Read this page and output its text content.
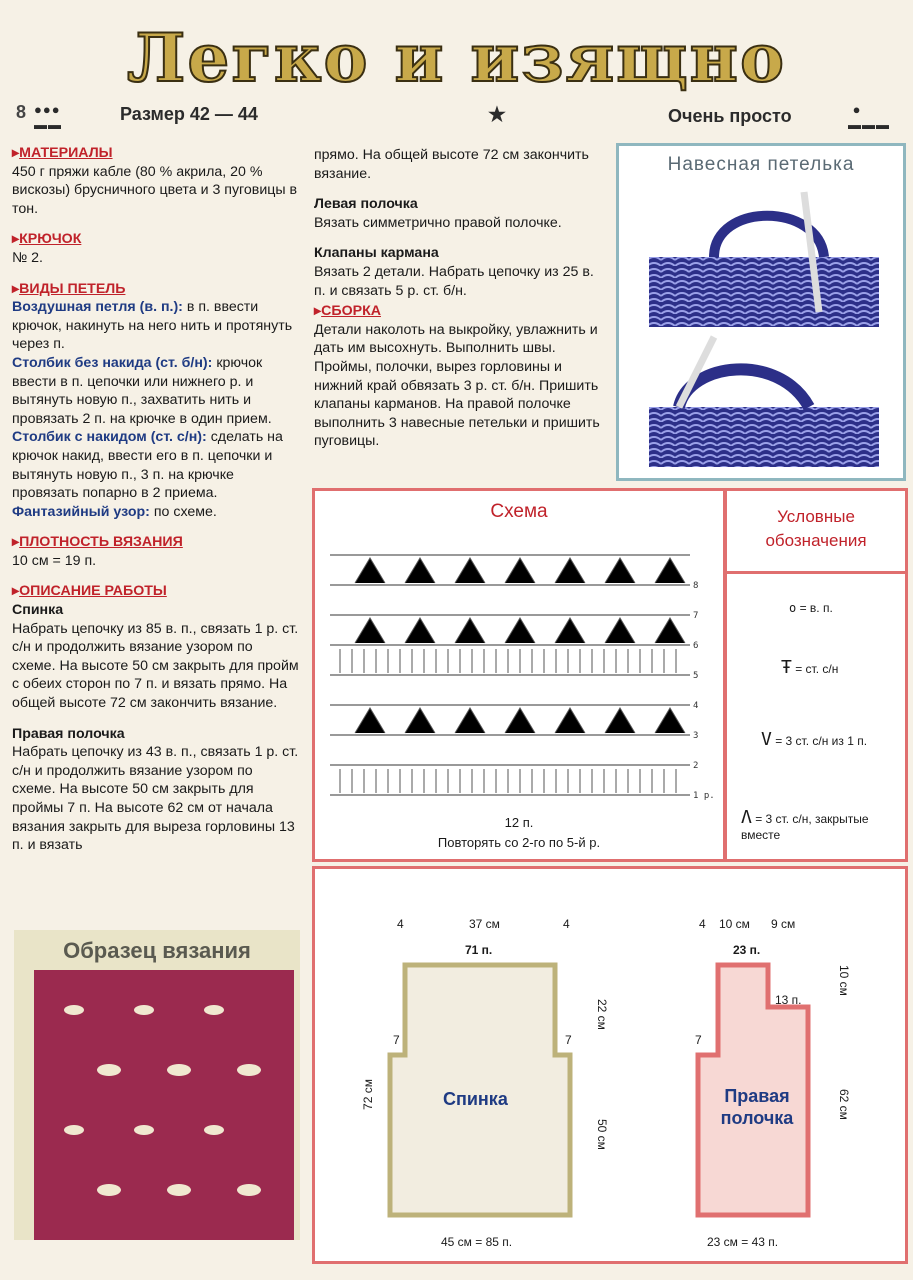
Легко и изящно
8 ●●●
▬▬
Размер 42 — 44	★	Очень просто	●
▬▬▬

▸ МАТЕРИАЛЫ

450 г пряжи кабле (80 % акрила, 20 % вискозы) брусничного цвета и 3 пуговицы в тон.

▸ КРЮЧОК

№ 2.

▸ ВИДЫ ПЕТЕЛЬ

Воздушная петля (в. п.): в п. ввести крючок, накинуть на него нить и протянуть через п.

Столбик без накида (ст. б/н): крючок ввести в п. цепочки или нижнего р. и вытянуть новую п., захватить нить и провязать 2 п. на крючке в один прием.

Столбик с накидом (ст. с/н): сделать на крючок накид, ввести его в п. цепочки и вытянуть новую п., 3 п. на крючке провязать попарно в 2 приема.

Фантазийный узор: по схеме.

▸ ПЛОТНОСТЬ ВЯЗАНИЯ

10 см = 19 п.

▸ ОПИСАНИЕ РАБОТЫ

Спинка

Набрать цепочку из 85 в. п., связать 1 р. ст. с/н и продолжить вязание узором по схеме. На высоте 50 см закрыть для пройм с обеих сторон по 7 п. и вязать прямо. На общей высоте 72 см закончить вязание.

Правая полочка

Набрать цепочку из 43 в. п., связать 1 р. ст. с/н и продолжить вязание узором по схеме. На высоте 50 см закрыть для проймы 7 п. На высоте 62 см от начала вязания закрыть для выреза горловины 13 п. и вязать

прямо. На общей высоте 72 см закончить вязание.

Левая полочка

Вязать симметрично правой полочке.

Клапаны кармана

Вязать 2 детали. Набрать цепочку из 25 в. п. и связать 5 р. ст. б/н.

▸ СБОРКА

Детали наколоть на выкройку, увлажнить и дать им высохнуть. Выполнить швы. Проймы, полочки, вырез горловины и нижний край обвязать 3 р. ст. б/н. Пришить клапаны карманов. На правой полочке выполнить 3 навесные петельки и пришить пуговицы.

Навесная петелька
Образец вязания
Схема
1 р.
2
3
4
5
6
7
8
12 п.
Повторять со 2-го по 5-й р.
Условные обозначения
o = в. п.
Ŧ = ст. с/н
V = 3 ст. с/н из 1 п.
Λ = 3 ст. с/н, закрытые вместе
4	37 см	4
71 п.
Спинка
7	7
22 см
50 см
72 см
45 см = 85 п.
4 10 см 9 см
23 п.
13 п.
7
Правая полочка
10 см
62 см
23 см = 43 п.
